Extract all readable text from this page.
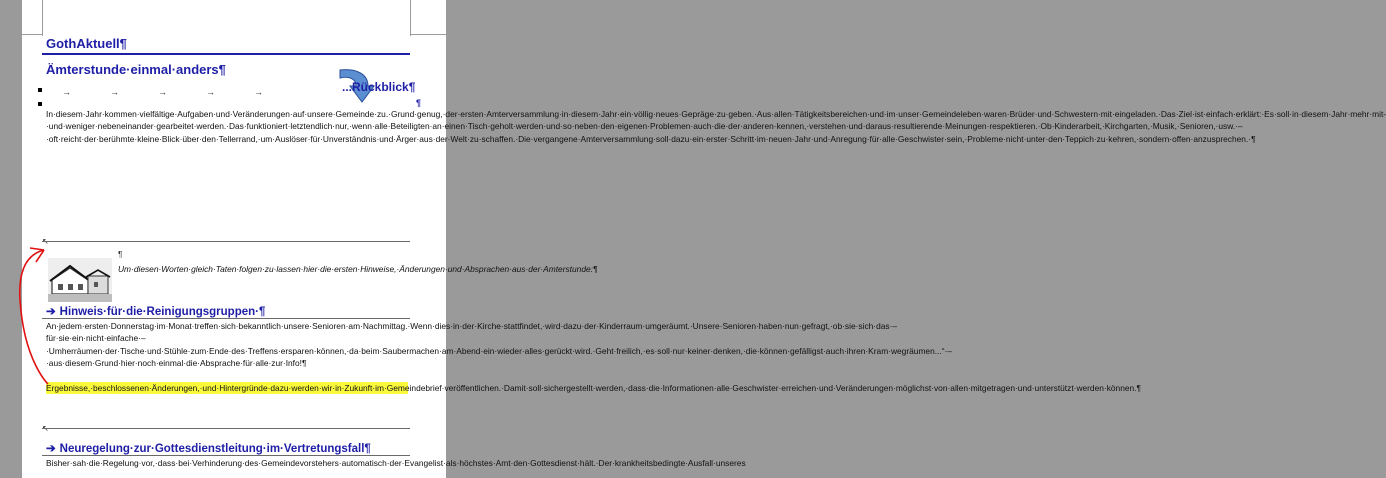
GothAktuell¶
Ämterstunde·einmal·anders¶
...Rückblick¶
→	→	→	→	→
¶

In·diesem·Jahr·kommen·vielfältige·Aufgaben·und·Veränderungen·auf·unsere·Gemeinde·zu.·Grund·genug,·der·ersten·Amterversammlung·in·diesem·Jahr·ein·völlig·neues·Gepräge·zu·geben.·Aus·allen·Tätigkeitsbereichen·und·im·unser·Gemeindeleben·waren·Brüder·und·Schwestern·mit·eingeladen.·Das·Ziel·ist·einfach·erklärt:·Es·soll·in·diesem·Jahr·mehr·mit-·und·weniger·nebeneinander·gearbeitet·werden.·Das·funktioniert·letztendlich·nur,·wenn·alle·Beteiligten·an·einen·Tisch·geholt·werden·und·so·neben·den·eigenen·Problemen·auch·die·der·anderen·kennen,·verstehen·und·daraus·resultierende·Meinungen·respektieren.·Ob·Kinderarbeit,·Kirchgarten,·Musik,·Senioren,·usw.·–·oft·reicht·der·berühmte·kleine·Blick·über·den·Tellerrand,·um·Auslöser·für·Unverständnis·und·Ärger·aus·der·Welt·zu·schaffen.·Die·vergangene·Amterversammlung·soll·dazu·ein·erster·Schritt·im·neuen·Jahr·und·Anregung·für·alle·Geschwister·sein,·Probleme·nicht·unter·den·Teppich·zu·kehren,·sondern·offen·anzusprechen.·¶

¶
Um·diesen·Worten·gleich·Taten·folgen·zu·lassen·hier·die·ersten·Hinweise,·Änderungen·und·Absprachen·aus·der·Amterstunde:¶
➔ Hinweis·für·die·Reinigungsgruppen·¶

An·jedem·ersten·Donnerstag·im·Monat·treffen·sich·bekanntlich·unsere·Senioren·am·Nachmittag.·Wenn·dies·in·der·Kirche·stattfindet,·wird·dazu·der·Kinderraum·umgeräumt.·Unsere·Senioren·haben·nun·gefragt,·ob·sie·sich·das·–für·sie·ein·nicht·einfache·–·Umherräumen·der·Tische·und·Stühle·zum·Ende·des·Treffens·ersparen·können,·da·beim·Saubermachen·am·Abend·ein·wieder·alles·gerückt·wird.·Geht·freilich,·es·soll·nur·keiner·denken,·die·können·gefälligst·auch·ihren·Kram·wegräumen...“·–·aus·diesem·Grund·hier·noch·einmal·die·Absprache·für·alle·zur·Info!¶

Ergebnisse,·beschlossenen·Änderungen,·und·Hintergründe·dazu·werden·wir·in·Zukunft·im·Gemeindebrief·veröffentlichen.·Damit·soll·sichergestellt·werden,·dass·die·Informationen·alle·Geschwister·erreichen·und·Veränderungen·möglichst·von·allen·mitgetragen·und·unterstützt·werden·können.¶

➔ Neuregelung·zur·Gottesdienstleitung·im·Vertretungsfall¶

Bisher·sah·die·Regelung·vor,·dass·bei·Verhinderung·des·Gemeindevorstehers·automatisch·der·Evangelist·als·höchstes·Amt·den·Gottesdienst·hält.·Der·krankheitsbedingte·Ausfall·unseres
